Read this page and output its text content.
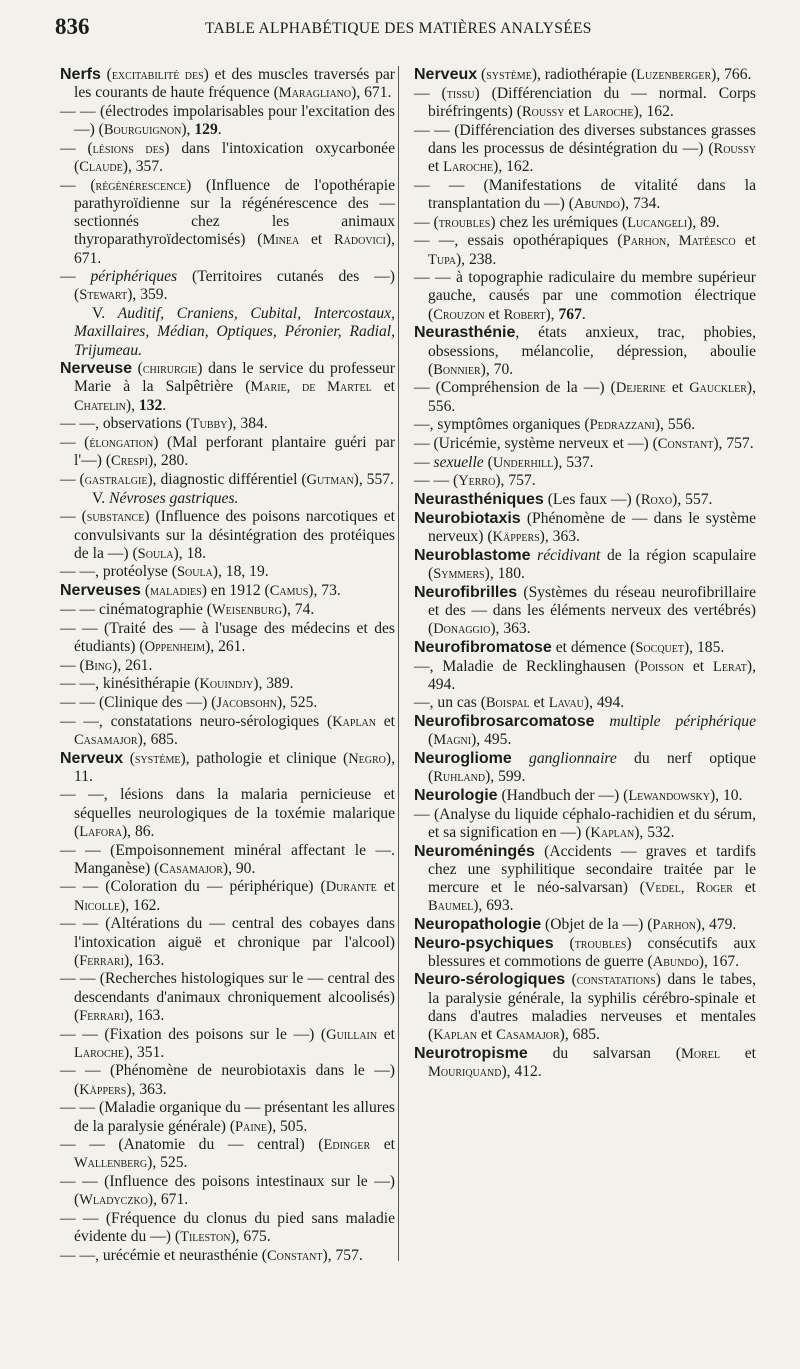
836	TABLE ALPHABÉTIQUE DES MATIÈRES ANALYSÉES

Nerfs (excitabilité des) et des muscles traversés par les courants de haute fréquence (Maragliano), 671.

— — (électrodes impolarisables pour l'excitation des —) (Bourguignon), 129.

— (lésions des) dans l'intoxication oxycarbonée (Claude), 357.

— (régénérescence) (Influence de l'opothérapie parathyroïdienne sur la régénérescence des — sectionnés chez les animaux thyroparathyroïdectomisés) (Minea et Radovici), 671.

— périphériques (Territoires cutanés des —) (Stewart), 359.

V. Auditif, Craniens, Cubital, Intercostaux, Maxillaires, Médian, Optiques, Péronier, Radial, Trijumeau.

Nerveuse (chirurgie) dans le service du professeur Marie à la Salpêtrière (Marie, de Martel et Chatelin), 132.

— —, observations (Tubby), 384.

— (élongation) (Mal perforant plantaire guéri par l'—) (Crespi), 280.

— (gastralgie), diagnostic différentiel (Gutman), 557.

V. Névroses gastriques.

— (substance) (Influence des poisons narcotiques et convulsivants sur la désintégration des protéiques de la —) (Soula), 18.

— —, protéolyse (Soula), 18, 19.

Nerveuses (maladies) en 1912 (Camus), 73.

— — cinématographie (Weisenburg), 74.

— — (Traité des — à l'usage des médecins et des étudiants) (Oppenheim), 261.

— (Bing), 261.

— —, kinésithérapie (Kouindjy), 389.

— — (Clinique des —) (Jacobsohn), 525.

— —, constatations neuro-sérologiques (Kaplan et Casamajor), 685.

Nerveux (système), pathologie et clinique (Negro), 11.

— —, lésions dans la malaria pernicieuse et séquelles neurologiques de la toxémie malarique (Lafora), 86.

— — (Empoisonnement minéral affectant le —. Manganèse) (Casamajor), 90.

— — (Coloration du — périphérique) (Durante et Nicolle), 162.

— — (Altérations du — central des cobayes dans l'intoxication aiguë et chronique par l'alcool) (Ferrari), 163.

— — (Recherches histologiques sur le — central des descendants d'animaux chroniquement alcoolisés) (Ferrari), 163.

— — (Fixation des poisons sur le —) (Guillain et Laroche), 351.

— — (Phénomène de neurobiotaxis dans le —) (Käppers), 363.

— — (Maladie organique du — présentant les allures de la paralysie générale) (Paine), 505.

— — (Anatomie du — central) (Edinger et Wallenberg), 525.

— — (Influence des poisons intestinaux sur le —) (Wladyczko), 671.

— — (Fréquence du clonus du pied sans maladie évidente du —) (Tileston), 675.

— —, urécémie et neurasthénie (Constant), 757.

Nerveux (système), radiothérapie (Luzenberger), 766.

— (tissu) (Différenciation du — normal. Corps biréfringents) (Roussy et Laroche), 162.

— — (Différenciation des diverses substances grasses dans les processus de désintégration du —) (Roussy et Laroche), 162.

— — (Manifestations de vitalité dans la transplantation du —) (Abundo), 734.

— (troubles) chez les urémiques (Lucangeli), 89.

— —, essais opothérapiques (Parhon, Matéesco et Tupa), 238.

— — à topographie radiculaire du membre supérieur gauche, causés par une commotion électrique (Crouzon et Robert), 767.

Neurasthénie, états anxieux, trac, phobies, obsessions, mélancolie, dépression, aboulie (Bonnier), 70.

— (Compréhension de la —) (Dejerine et Gauckler), 556.

—, symptômes organiques (Pedrazzani), 556.

— (Uricémie, système nerveux et —) (Constant), 757.

— sexuelle (Underhill), 537.

— — (Yerro), 757.

Neurasthéniques (Les faux —) (Roxo), 557.

Neurobiotaxis (Phénomène de — dans le système nerveux) (Käppers), 363.

Neuroblastome récidivant de la région scapulaire (Symmers), 180.

Neurofibrilles (Systèmes du réseau neurofibrillaire et des — dans les éléments nerveux des vertébrés) (Donaggio), 363.

Neurofibromatose et démence (Socquet), 185.

—, Maladie de Recklinghausen (Poisson et Lerat), 494.

—, un cas (Boispal et Lavau), 494.

Neurofibrosarcomatose multiple périphérique (Magni), 495.

Neurogliome ganglionnaire du nerf optique (Ruhland), 599.

Neurologie (Handbuch der —) (Lewandowsky), 10.

— (Analyse du liquide céphalo-rachidien et du sérum, et sa signification en —) (Kaplan), 532.

Neuroméningés (Accidents — graves et tardifs chez une syphilitique secondaire traitée par le mercure et le néo-salvarsan) (Vedel, Roger et Baumel), 693.

Neuropathologie (Objet de la —) (Parhon), 479.

Neuro-psychiques (troubles) consécutifs aux blessures et commotions de guerre (Abundo), 167.

Neuro-sérologiques (constatations) dans le tabes, la paralysie générale, la syphilis cérébro-spinale et dans d'autres maladies nerveuses et mentales (Kaplan et Casamajor), 685.

Neurotropisme du salvarsan (Morel et Mouriquand), 412.
